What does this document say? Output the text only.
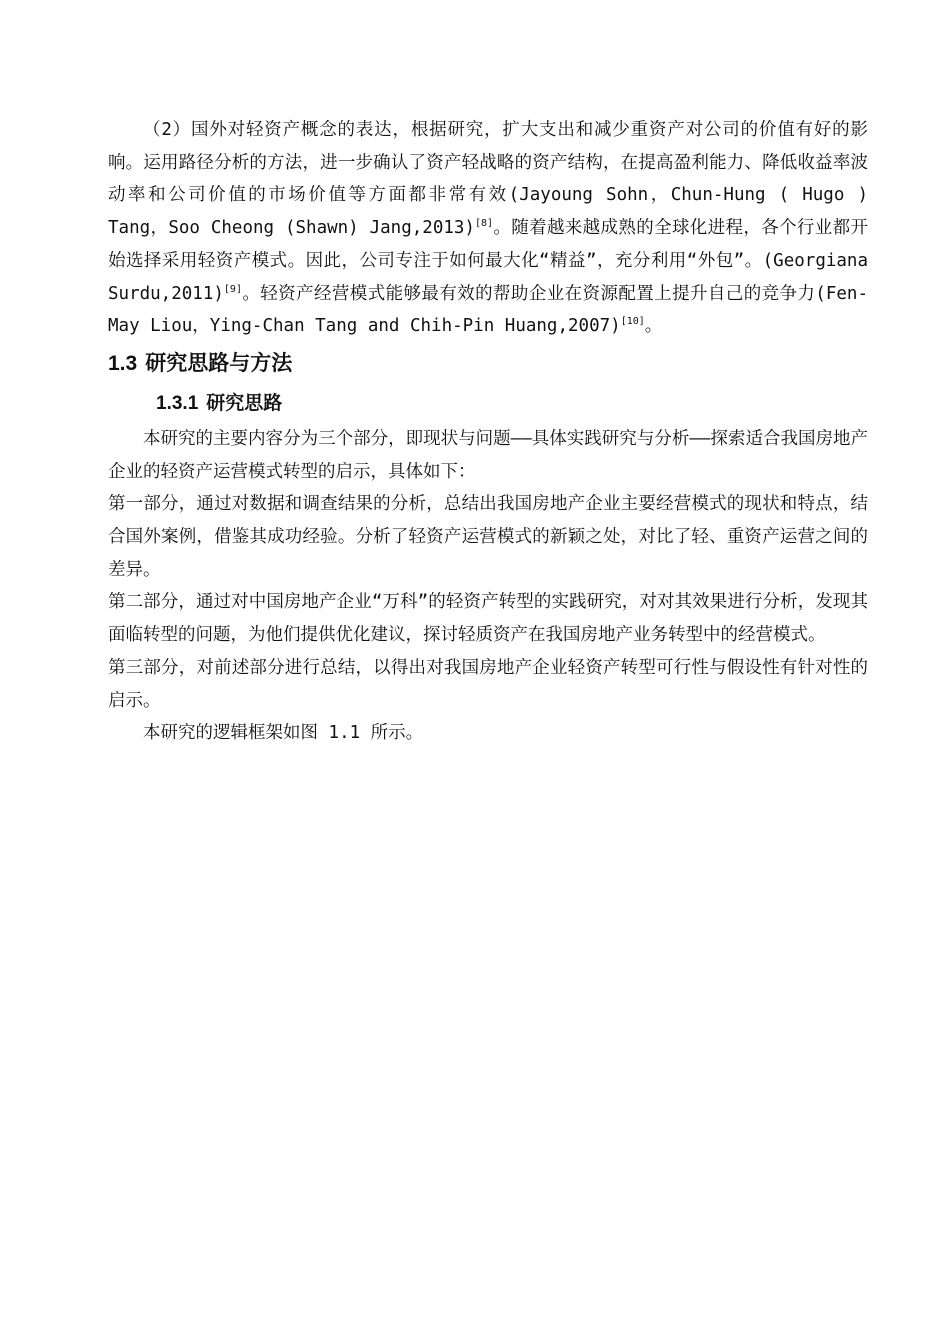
（2）国外对轻资产概念的表达，根据研究，扩大支出和减少重资产对公司的价值有好的影响。运用路径分析的方法，进一步确认了资产轻战略的资产结构，在提高盈利能力、降低收益率波动率和公司价值的市场价值等方面都非常有效(Jayoung Sohn，Chun-Hung ( Hugo ) Tang，Soo Cheong (Shawn) Jang,2013)[8]。随着越来越成熟的全球化进程，各个行业都开始选择采用轻资产模式。因此，公司专注于如何最大化“精益”，充分利用“外包”。(Georgiana Surdu,2011)[9]。轻资产经营模式能够最有效的帮助企业在资源配置上提升自己的竞争力(Fen-May Liou，Ying-Chan Tang and Chih-Pin Huang,2007)[10]。

1.3 研究思路与方法
1.3.1 研究思路

本研究的主要内容分为三个部分，即现状与问题——具体实践研究与分析——探索适合我国房地产企业的轻资产运营模式转型的启示，具体如下：

第一部分，通过对数据和调查结果的分析，总结出我国房地产企业主要经营模式的现状和特点，结合国外案例，借鉴其成功经验。分析了轻资产运营模式的新颖之处，对比了轻、重资产运营之间的差异。

第二部分，通过对中国房地产企业“万科”的轻资产转型的实践研究，对对其效果进行分析，发现其面临转型的问题，为他们提供优化建议，探讨轻质资产在我国房地产业务转型中的经营模式。

第三部分，对前述部分进行总结，以得出对我国房地产企业轻资产转型可行性与假设性有针对性的启示。

本研究的逻辑框架如图 1.1 所示。
